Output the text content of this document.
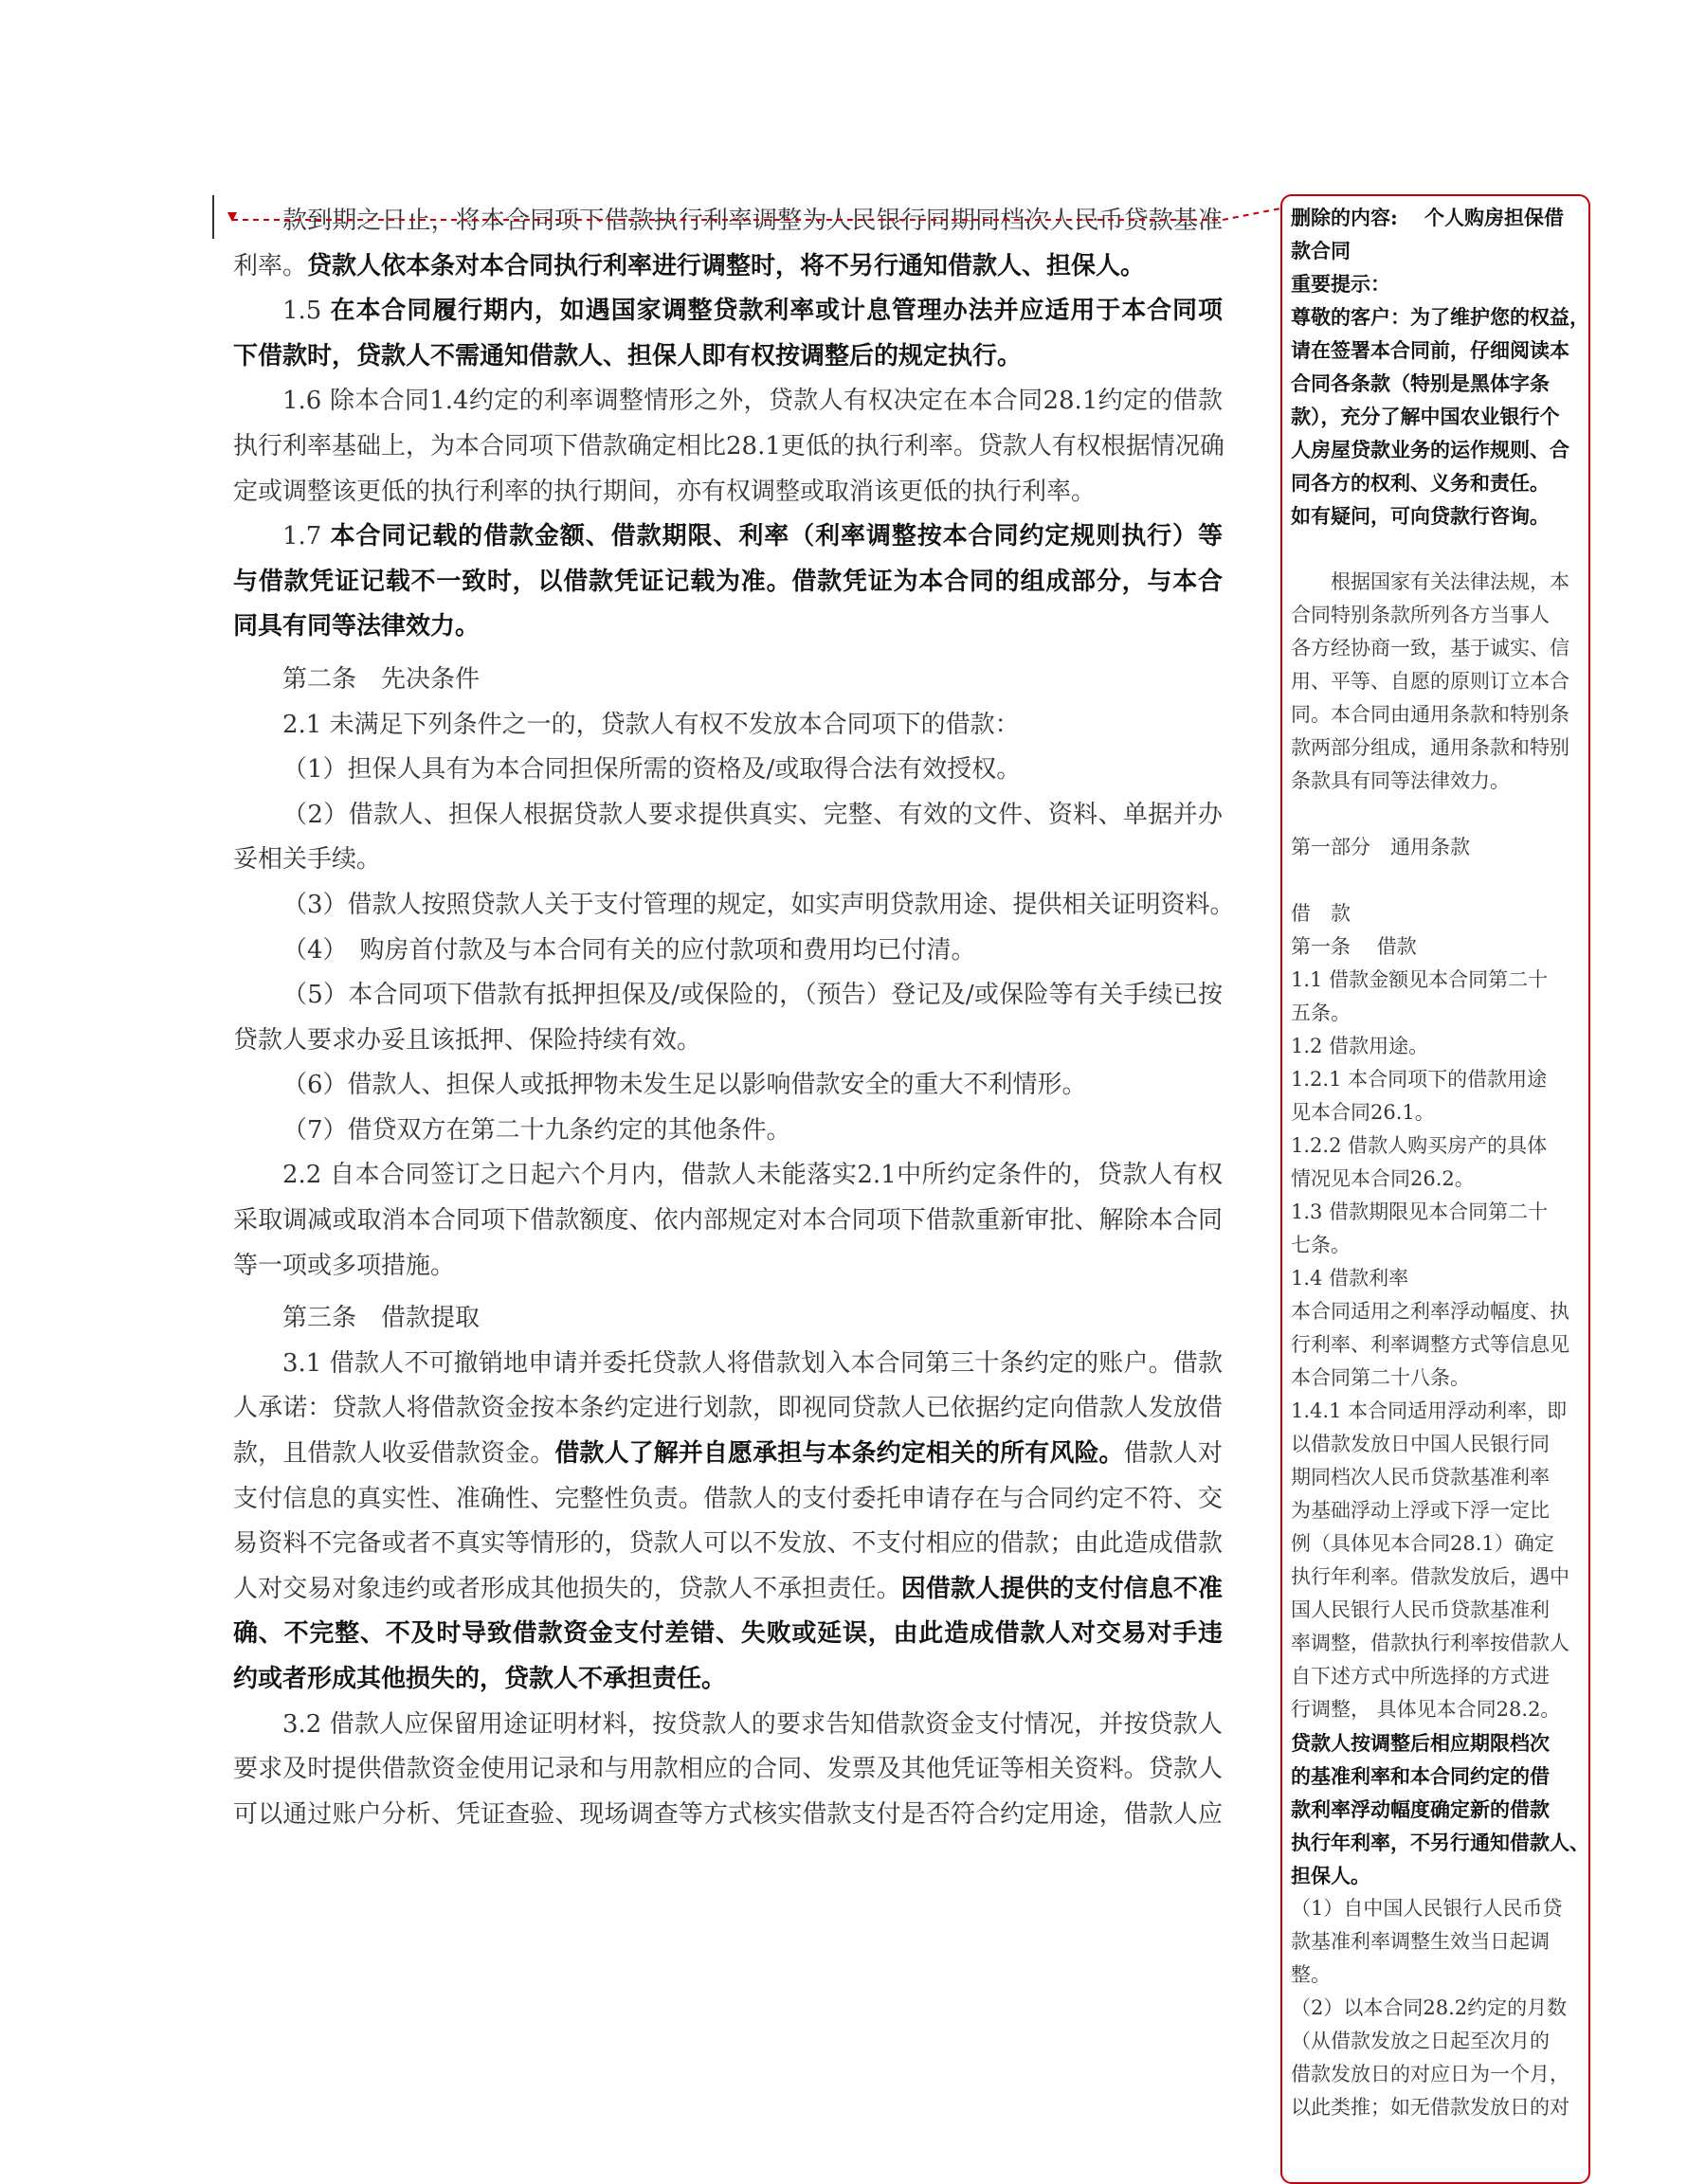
款到期之日止，将本合同项下借款执行利率调整为人民银行同期同档次人民币贷款基准
利率。贷款人依本条对本合同执行利率进行调整时，将不另行通知借款人、担保人。
1.5 在本合同履行期内，如遇国家调整贷款利率或计息管理办法并应适用于本合同项
下借款时，贷款人不需通知借款人、担保人即有权按调整后的规定执行。
1.6 除本合同1.4约定的利率调整情形之外，贷款人有权决定在本合同28.1约定的借款
执行利率基础上，为本合同项下借款确定相比28.1更低的执行利率。贷款人有权根据情况确
定或调整该更低的执行利率的执行期间，亦有权调整或取消该更低的执行利率。
1.7 本合同记载的借款金额、借款期限、利率（利率调整按本合同约定规则执行）等
与借款凭证记载不一致时，以借款凭证记载为准。借款凭证为本合同的组成部分，与本合
同具有同等法律效力。
第二条　先决条件
2.1 未满足下列条件之一的，贷款人有权不发放本合同项下的借款：
（1）担保人具有为本合同担保所需的资格及/或取得合法有效授权。
（2）借款人、担保人根据贷款人要求提供真实、完整、有效的文件、资料、单据并办
妥相关手续。
（3）借款人按照贷款人关于支付管理的规定，如实声明贷款用途、提供相关证明资料。
（4）　购房首付款及与本合同有关的应付款项和费用均已付清。
（5）本合同项下借款有抵押担保及/或保险的，（预告）登记及/或保险等有关手续已按
贷款人要求办妥且该抵押、保险持续有效。
（6）借款人、担保人或抵押物未发生足以影响借款安全的重大不利情形。
（7）借贷双方在第二十九条约定的其他条件。
2.2 自本合同签订之日起六个月内，借款人未能落实2.1中所约定条件的，贷款人有权
采取调减或取消本合同项下借款额度、依内部规定对本合同项下借款重新审批、解除本合同
等一项或多项措施。
第三条　借款提取
3.1 借款人不可撤销地申请并委托贷款人将借款划入本合同第三十条约定的账户。借款
人承诺：贷款人将借款资金按本条约定进行划款，即视同贷款人已依据约定向借款人发放借
款，且借款人收妥借款资金。借款人了解并自愿承担与本条约定相关的所有风险。借款人对
支付信息的真实性、准确性、完整性负责。借款人的支付委托申请存在与合同约定不符、交
易资料不完备或者不真实等情形的，贷款人可以不发放、不支付相应的借款；由此造成借款
人对交易对象违约或者形成其他损失的，贷款人不承担责任。因借款人提供的支付信息不准
确、不完整、不及时导致借款资金支付差错、失败或延误，由此造成借款人对交易对手违
约或者形成其他损失的，贷款人不承担责任。
3.2 借款人应保留用途证明材料，按贷款人的要求告知借款资金支付情况，并按贷款人
要求及时提供借款资金使用记录和与用款相应的合同、发票及其他凭证等相关资料。贷款人
可以通过账户分析、凭证查验、现场调查等方式核实借款支付是否符合约定用途，借款人应
删除的内容:　 个人购房担保借
款合同
重要提示：
尊敬的客户：为了维护您的权益，
请在签署本合同前，仔细阅读本
合同各条款（特别是黑体字条
款），充分了解中国农业银行个
人房屋贷款业务的运作规则、合
同各方的权利、义务和责任。
如有疑问，可向贷款行咨询。
　　根据国家有关法律法规，本
合同特别条款所列各方当事人
各方经协商一致，基于诚实、信
用、平等、自愿的原则订立本合
同。本合同由通用条款和特别条
款两部分组成，通用条款和特别
条款具有同等法律效力。
第一部分　通用条款
借　款
第一条　 借款
1.1 借款金额见本合同第二十
五条。
1.2 借款用途。
1.2.1 本合同项下的借款用途
见本合同26.1。
1.2.2 借款人购买房产的具体
情况见本合同26.2。
1.3 借款期限见本合同第二十
七条。
1.4 借款利率
本合同适用之利率浮动幅度、执
行利率、利率调整方式等信息见
本合同第二十八条。
1.4.1 本合同适用浮动利率，即
以借款发放日中国人民银行同
期同档次人民币贷款基准利率
为基础浮动上浮或下浮一定比
例（具体见本合同28.1）确定
执行年利率。借款发放后，遇中
国人民银行人民币贷款基准利
率调整，借款执行利率按借款人
自下述方式中所选择的方式进
行调整， 具体见本合同28.2。
贷款人按调整后相应期限档次
的基准利率和本合同约定的借
款利率浮动幅度确定新的借款
执行年利率，不另行通知借款人、
担保人。
（1）自中国人民银行人民币贷
款基准利率调整生效当日起调
整。
（2）以本合同28.2约定的月数
（从借款发放之日起至次月的
借款发放日的对应日为一个月，
以此类推；如无借款发放日的对
